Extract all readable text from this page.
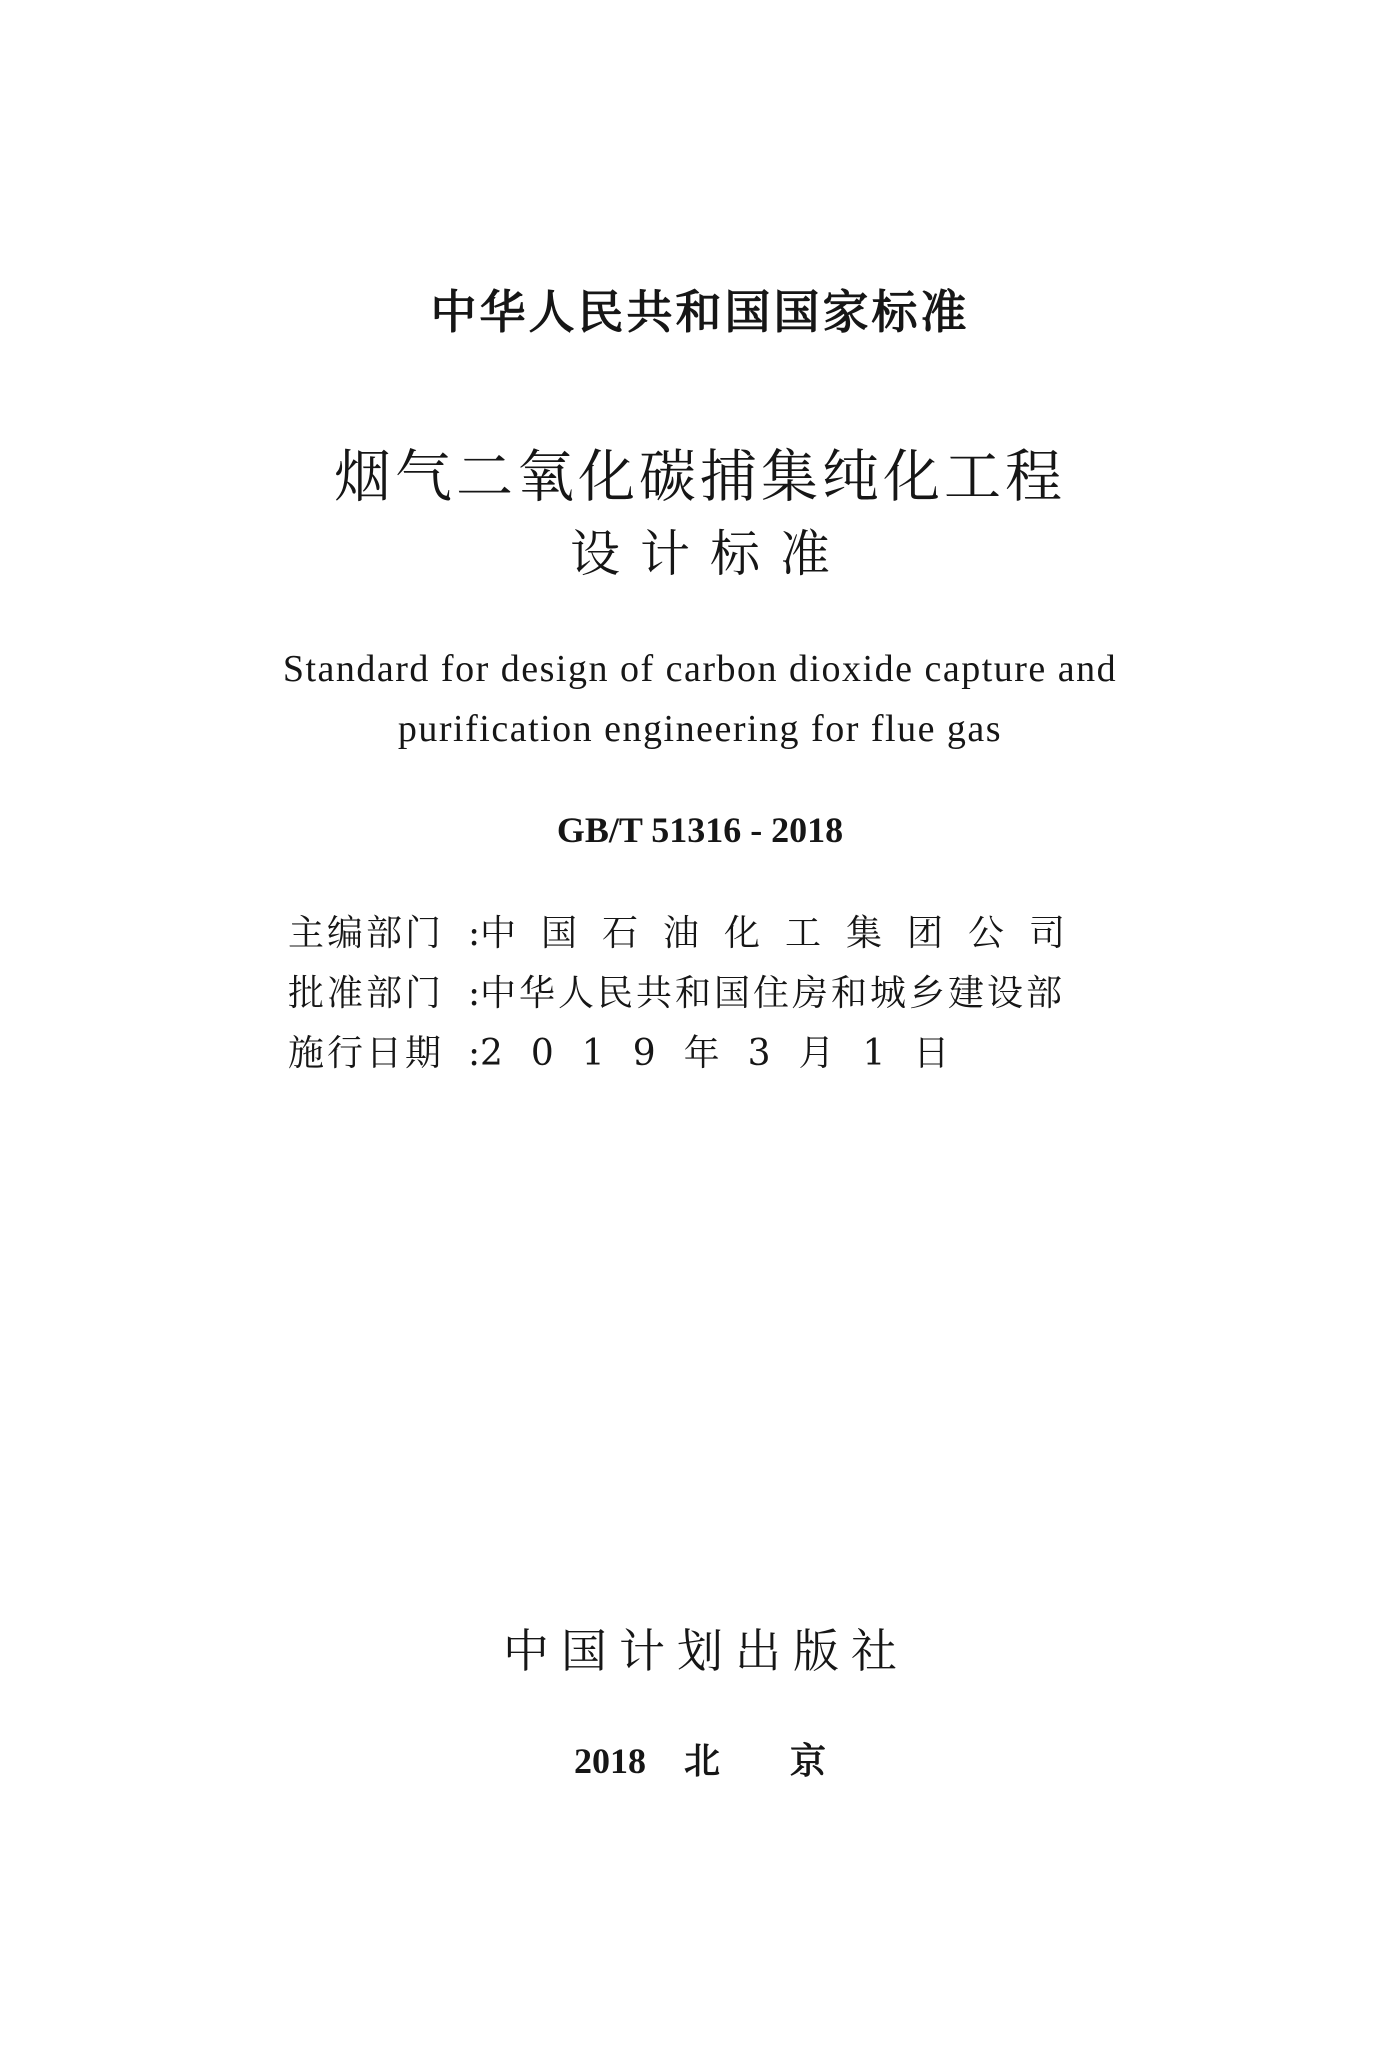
中华人民共和国国家标准
烟气二氧化碳捕集纯化工程
设计标准
Standard for design of carbon dioxide capture and
purification engineering for flue gas
GB/T 51316 - 2018
主编部门 :中国石油化工集团公司
批准部门 :中华人民共和国住房和城乡建设部
施行日期 :2019年3月1日
中国计划出版社
2018 北 京
